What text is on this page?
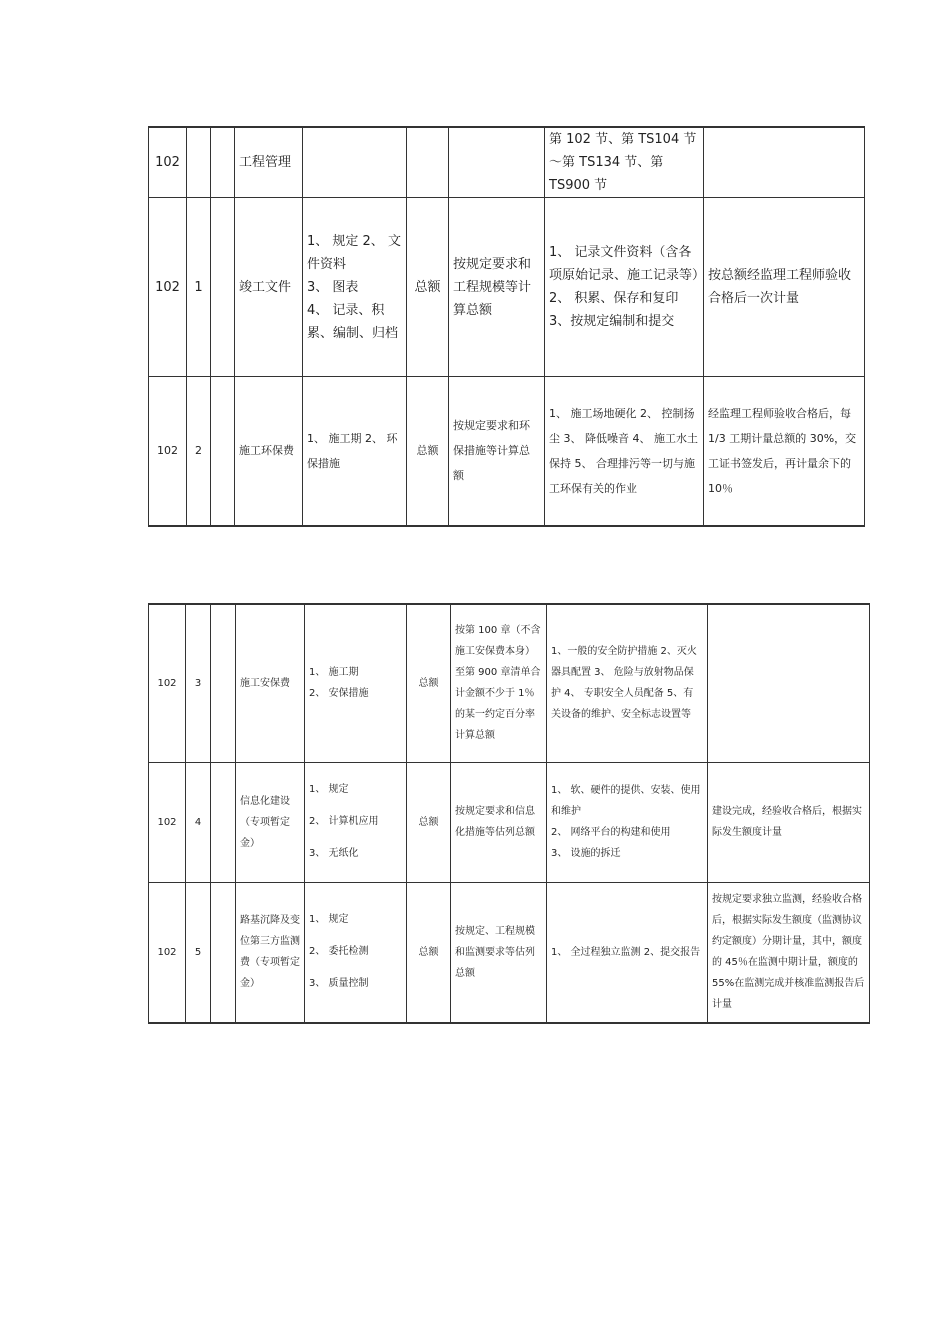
102			工程管理				第 102 节、第 TS104 节～第 TS134 节、第 TS900 节	
102	1		竣工文件	1、 规定 2、 文件资料
3、 图表
4、 记录、积累、编制、归档	总额	按规定要求和工程规模等计算总额	1、 记录文件资料（含各项原始记录、施工记录等）2、 积累、保存和复印 3、按规定编制和提交	按总额经监理工程师验收合格后一次计量
102	2		施工环保费	1、 施工期 2、 环保措施	总额	按规定要求和环保措施等计算总额	1、 施工场地硬化 2、 控制扬尘 3、 降低噪音 4、 施工水土保持 5、 合理排污等一切与施工环保有关的作业	经监理工程师验收合格后，每 1/3 工期计量总额的 30%，交工证书签发后，再计量余下的 10％
102	3		施工安保费	1、 施工期
2、 安保措施	总额	按第 100 章（不含施工安保费本身）至第 900 章清单合计金额不少于 1％的某一约定百分率计算总额	1、一般的安全防护措施 2、灭火器具配置 3、 危险与放射物品保护 4、 专职安全人员配备 5、有关设备的维护、安全标志设置等	
102	4		信息化建设（专项暂定金）	1、 规定
2、 计算机应用
3、 无纸化	总额	按规定要求和信息化措施等估列总额	1、 软、硬件的提供、安装、使用和维护
2、 网络平台的构建和使用
3、 设施的拆迁	建设完成，经验收合格后，根据实际发生额度计量
102	5		路基沉降及变位第三方监测费（专项暂定金）	1、 规定
2、 委托检测
3、 质量控制	总额	按规定、工程规模和监测要求等估列总额	1、 全过程独立监测 2、提交报告	按规定要求独立监测，经验收合格后，根据实际发生额度（监测协议约定额度）分期计量，其中，额度的 45％在监测中期计量，额度的 55%在监测完成并核准监测报告后计量
